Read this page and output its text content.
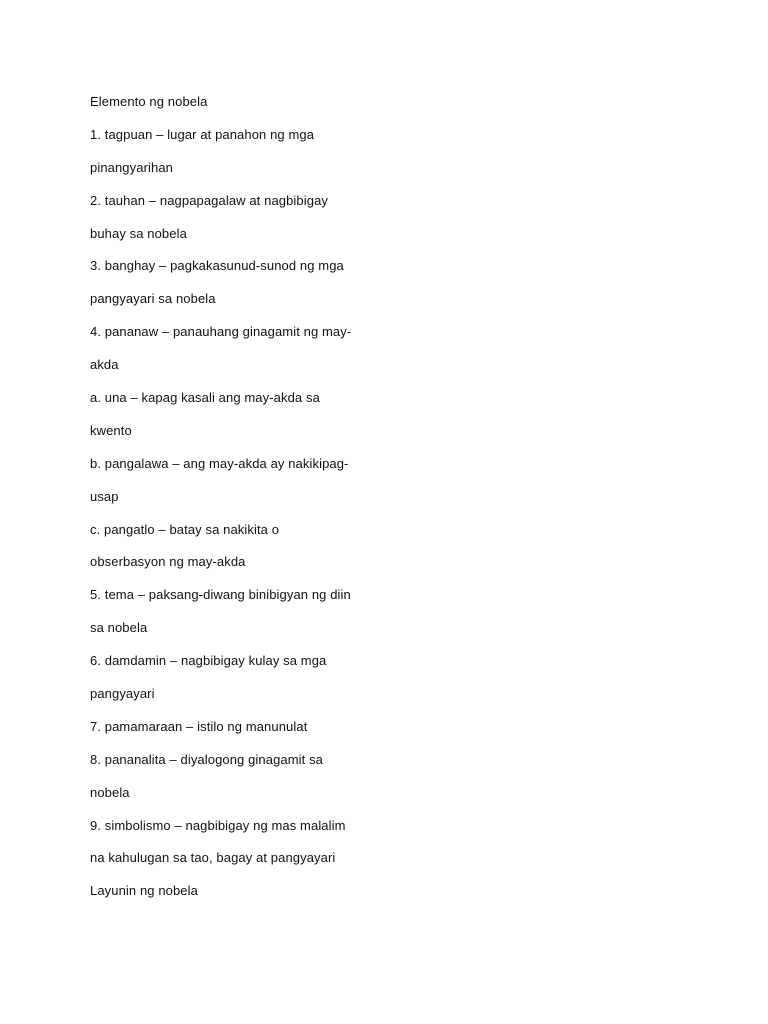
Elemento ng nobela
1. tagpuan – lugar at panahon ng mga
pinangyarihan
2. tauhan – nagpapagalaw at nagbibigay
buhay sa nobela
3. banghay – pagkakasunud-sunod ng mga
pangyayari sa nobela
4. pananaw – panauhang ginagamit ng may-
akda
a. una – kapag kasali ang may-akda sa
kwento
b. pangalawa – ang may-akda ay nakikipag-
usap
c. pangatlo – batay sa nakikita o
obserbasyon ng may-akda
5. tema – paksang-diwang binibigyan ng diin
sa nobela
6. damdamin – nagbibigay kulay sa mga
pangyayari
7. pamamaraan – istilo ng manunulat
8. pananalita – diyalogong ginagamit sa
nobela
9. simbolismo – nagbibigay ng mas malalim
na kahulugan sa tao, bagay at pangyayari
Layunin ng nobela
